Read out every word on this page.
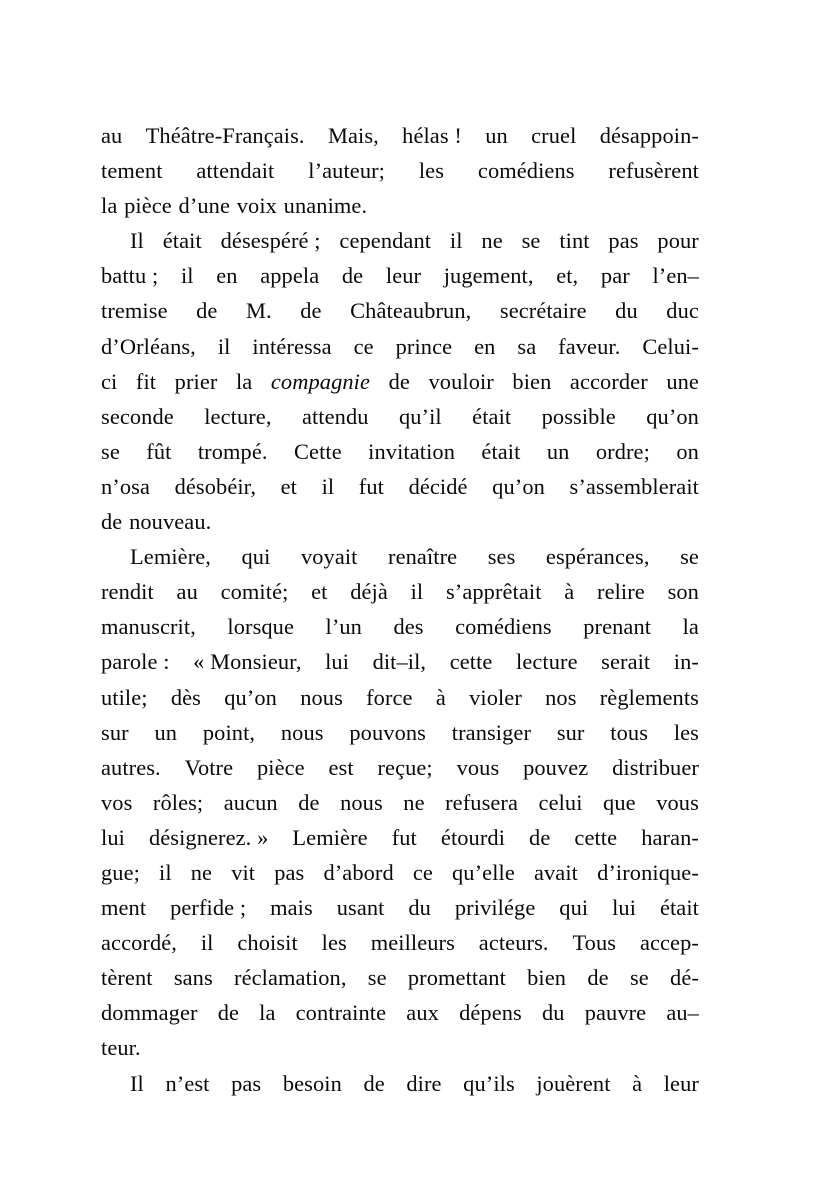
au Théâtre-Français. Mais, hélas ! un cruel désappoin-
tement attendait l’auteur; les comédiens refusèrent
la pièce d’une voix unanime.
Il était désespéré ; cependant il ne se tint pas pour
battu ; il en appela de leur jugement, et, par l’en–
tremise de M. de Châteaubrun, secrétaire du duc
d’Orléans, il intéressa ce prince en sa faveur. Celui-
ci fit prier la compagnie de vouloir bien accorder une
seconde lecture, attendu qu’il était possible qu’on
se fût trompé. Cette invitation était un ordre; on
n’osa désobéir, et il fut décidé qu’on s’assemblerait
de nouveau.
Lemière, qui voyait renaître ses espérances, se
rendit au comité; et déjà il s’apprêtait à relire son
manuscrit, lorsque l’un des comédiens prenant la
parole : « Monsieur, lui dit–il, cette lecture serait in-
utile; dès qu’on nous force à violer nos règlements
sur un point, nous pouvons transiger sur tous les
autres. Votre pièce est reçue; vous pouvez distribuer
vos rôles; aucun de nous ne refusera celui que vous
lui désignerez. » Lemière fut étourdi de cette haran-
gue; il ne vit pas d’abord ce qu’elle avait d’ironique-
ment perfide ; mais usant du privilége qui lui était
accordé, il choisit les meilleurs acteurs. Tous accep-
tèrent sans réclamation, se promettant bien de se dé-
dommager de la contrainte aux dépens du pauvre au–
teur.
Il n’est pas besoin de dire qu’ils jouèrent à leur
